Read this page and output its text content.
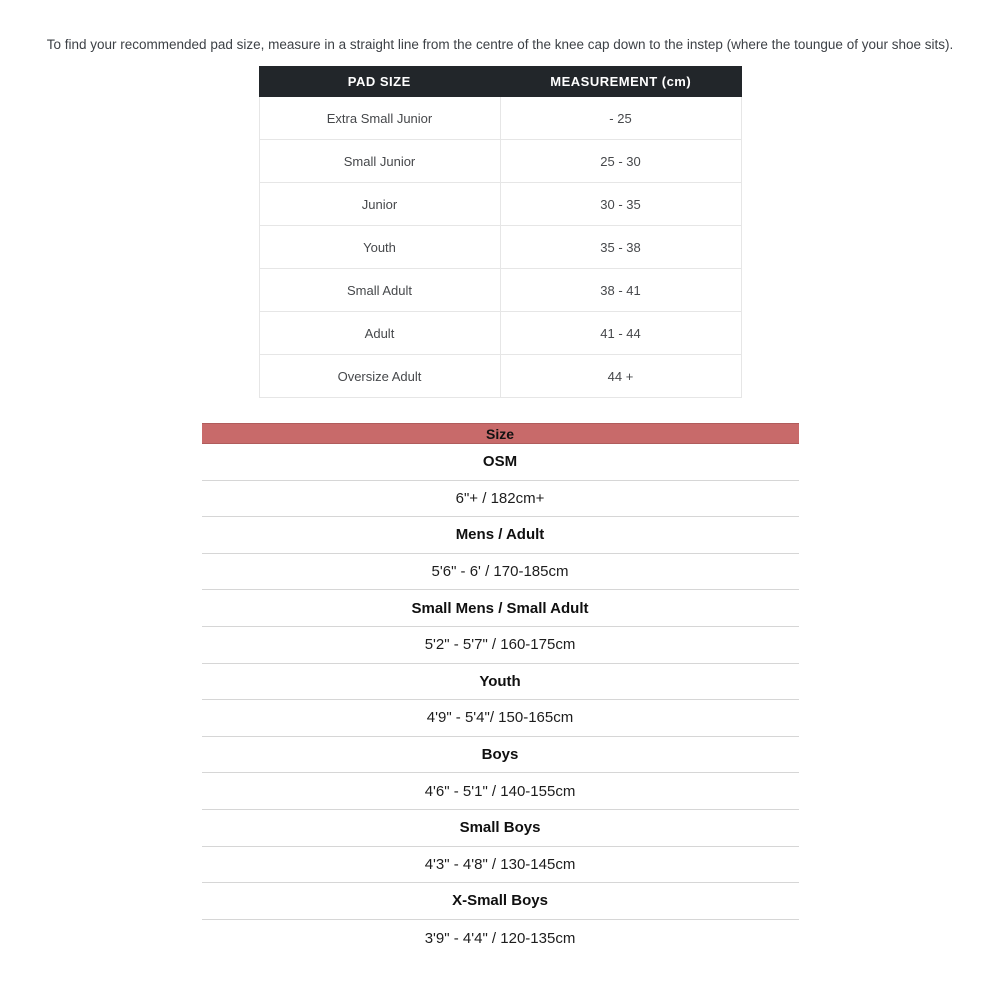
To find your recommended pad size, measure in a straight line from the centre of the knee cap down to the instep (where the toungue of your shoe sits).

PAD SIZE	MEASUREMENT (cm)
Extra Small Junior	- 25
Small Junior	25 - 30
Junior	30 - 35
Youth	35 - 38
Small Adult	38 - 41
Adult	41 - 44
Oversize Adult	44 +
Size
OSM
6"+ / 182cm+
Mens / Adult
5'6" - 6' / 170-185cm
Small Mens / Small Adult
5'2" - 5'7" / 160-175cm
Youth
4'9" - 5'4"/ 150-165cm
Boys
4'6" - 5'1" / 140-155cm
Small Boys
4'3" - 4'8" / 130-145cm
X-Small Boys
3'9" - 4'4" / 120-135cm
